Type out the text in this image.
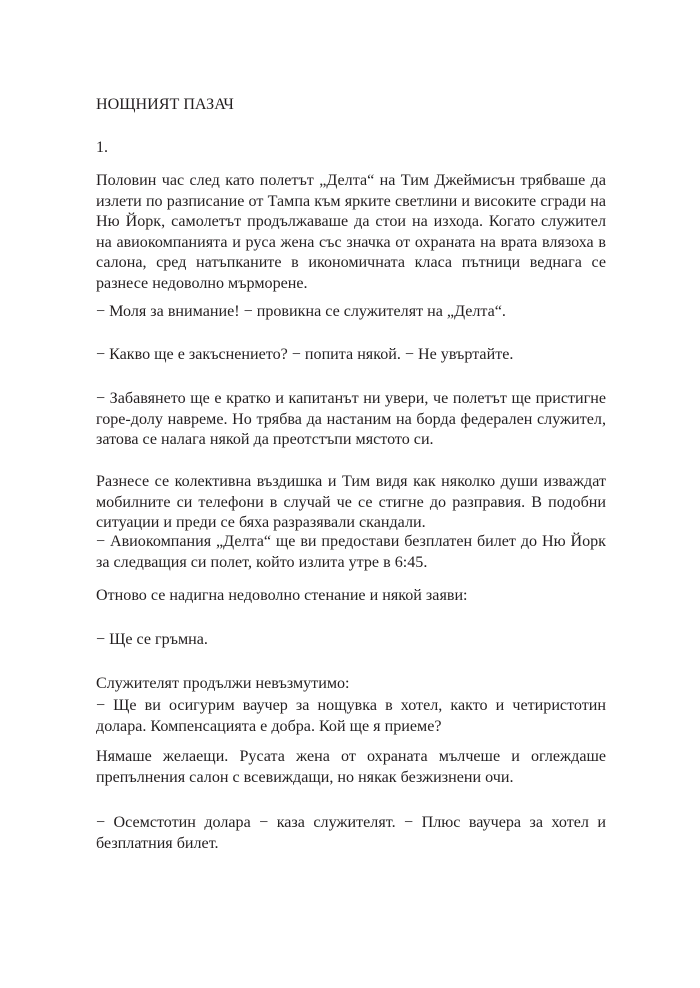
НОЩНИЯТ ПАЗАЧ
1.
Половин час след като полетът „Делта“ на Тим Джеймисън трябваше да излети по разписание от Тампа към ярките светлини и високите сгради на Ню Йорк, самолетът продължаваше да стои на изхода. Когато служител на авиокомпанията и руса жена със значка от охраната на врата влязоха в салона, сред натъпканите в икономичната класа пътници веднага се разнесе недоволно мърморене.
− Моля за внимание! − провикна се служителят на „Делта“.
− Какво ще е закъснението? − попита някой. − Не увъртайте.
− Забавянето ще е кратко и капитанът ни увери, че полетът ще пристигне горе-долу навреме. Но трябва да настаним на борда федерален служител, затова се налага някой да преотстъпи мястото си.
Разнесе се колективна въздишка и Тим видя как няколко души изваждат мобилните си телефони в случай че се стигне до разправия. В подобни ситуации и преди се бяха разразявали скандали.
− Авиокомпания „Делта“ ще ви предостави безплатен билет до Ню Йорк за следващия си полет, който излита утре в 6:45.
Отново се надигна недоволно стенание и някой заяви:
− Ще се гръмна.
Служителят продължи невъзмутимо:
− Ще ви осигурим ваучер за нощувка в хотел, както и четиристотин долара. Компенсацията е добра. Кой ще я приеме?
Нямаше желаещи. Русата жена от охраната мълчеше и оглеждаше препълнения салон с всевиждащи, но някак безжизнени очи.
− Осемстотин долара − каза служителят. − Плюс ваучера за хотел и безплатния билет.
